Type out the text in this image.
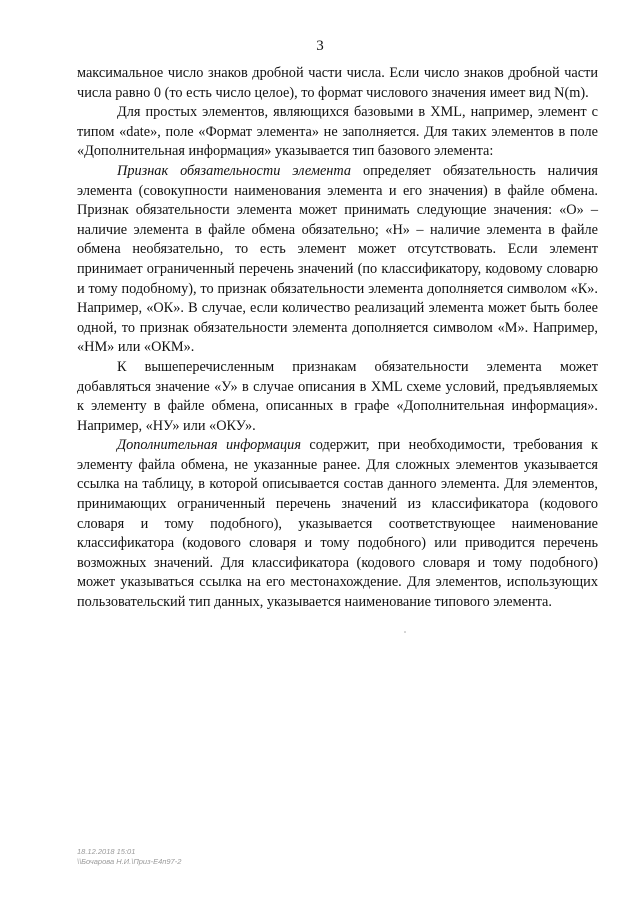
3

максимальное число знаков дробной части числа. Если число знаков дробной части числа равно 0 (то есть число целое), то формат числового значения имеет вид N(m).

Для простых элементов, являющихся базовыми в XML, например, элемент с типом «date», поле «Формат элемента» не заполняется. Для таких элементов в поле «Дополнительная информация» указывается тип базового элемента:

Признак обязательности элемента определяет обязательность наличия элемента (совокупности наименования элемента и его значения) в файле обмена. Признак обязательности элемента может принимать следующие значения: «О» – наличие элемента в файле обмена обязательно; «Н» – наличие элемента в файле обмена необязательно, то есть элемент может отсутствовать. Если элемент принимает ограниченный перечень значений (по классификатору, кодовому словарю и тому подобному), то признак обязательности элемента дополняется символом «К». Например, «ОК». В случае, если количество реализаций элемента может быть более одной, то признак обязательности элемента дополняется символом «М». Например, «НМ» или «ОКМ».

К вышеперечисленным признакам обязательности элемента может добавляться значение «У» в случае описания в XML схеме условий, предъявляемых к элементу в файле обмена, описанных в графе «Дополнительная информация». Например, «НУ» или «ОКУ».

Дополнительная информация содержит, при необходимости, требования к элементу файла обмена, не указанные ранее. Для сложных элементов указывается ссылка на таблицу, в которой описывается состав данного элемента. Для элементов, принимающих ограниченный перечень значений из классификатора (кодового словаря и тому подобного), указывается соответствующее наименование классификатора (кодового словаря и тому подобного) или приводится перечень возможных значений. Для классификатора (кодового словаря и тому подобного) может указываться ссылка на его местонахождение. Для элементов, использующих пользовательский тип данных, указывается наименование типового элемента.

18.12.2018 15:01
\\Бочарова Н.И.\Приз-Е4п97-2
